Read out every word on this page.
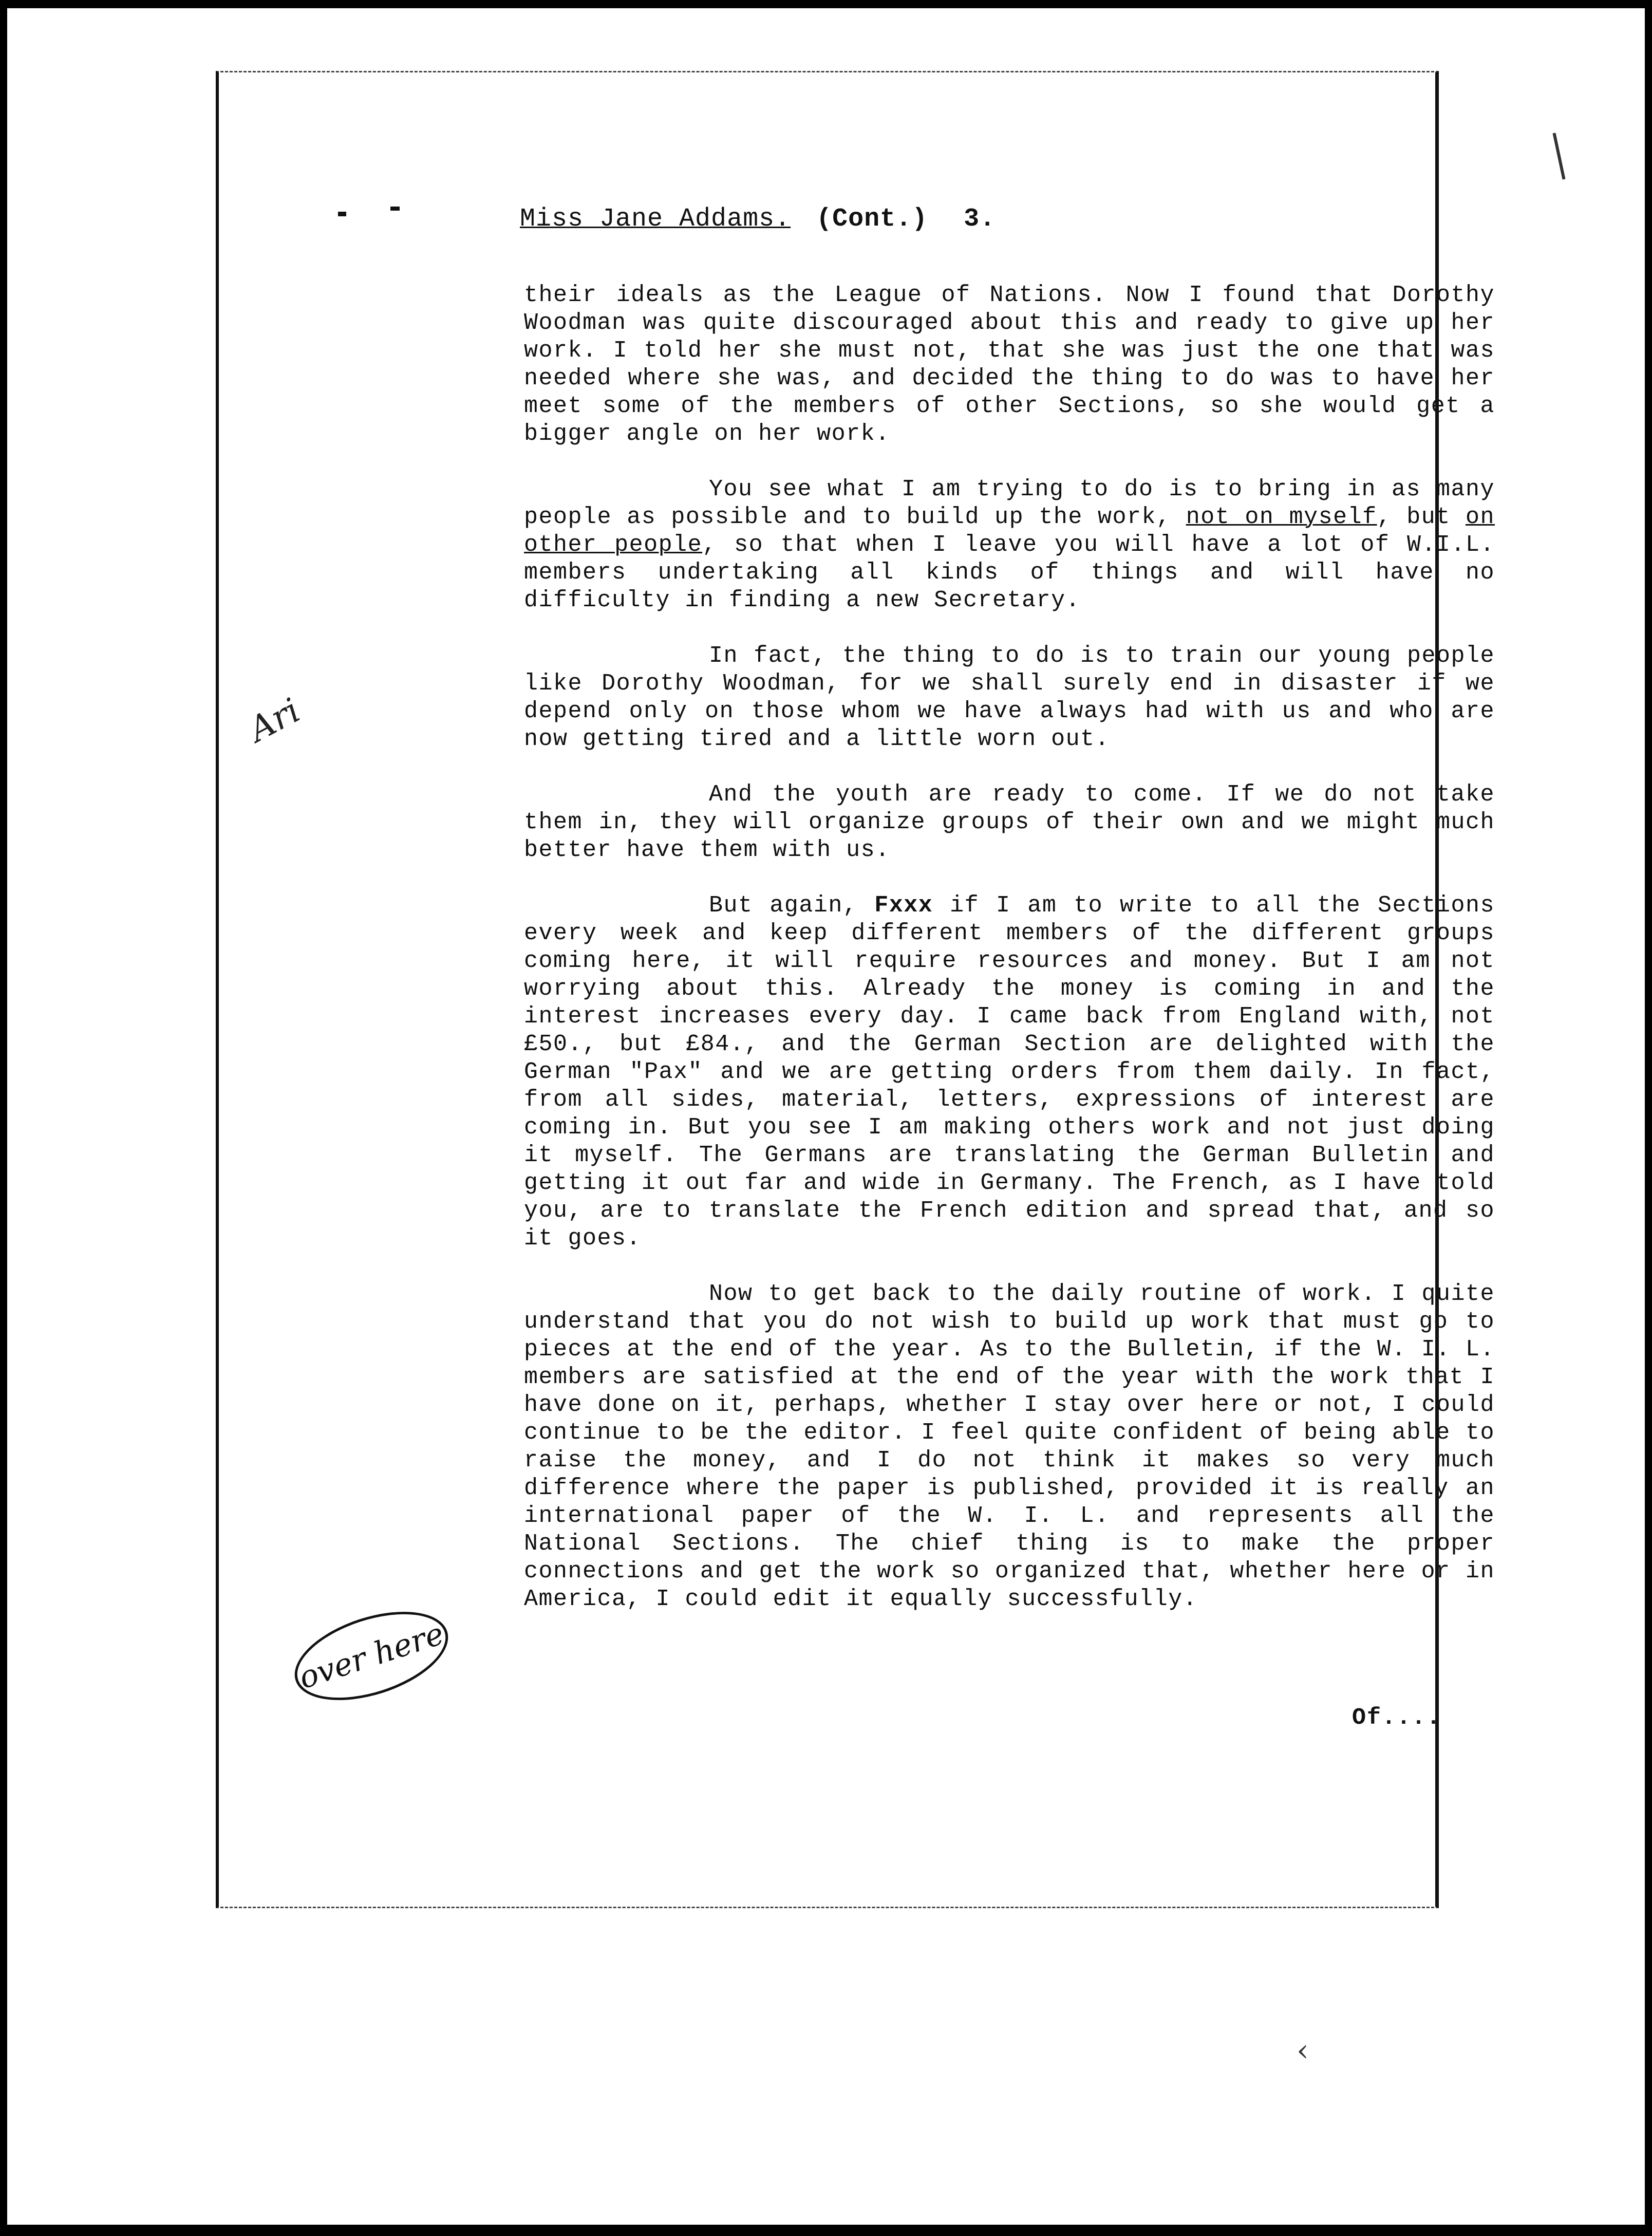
Miss Jane Addams. (Cont.) 3.

their ideals as the League of Nations. Now I found that Dorothy Woodman was quite discouraged about this and ready to give up her work. I told her she must not, that she was just the one that was needed where she was, and decided the thing to do was to have her meet some of the members of other Sections, so she would get a bigger angle on her work.

You see what I am trying to do is to bring in as many people as possible and to build up the work, not on myself, but on other people, so that when I leave you will have a lot of W.I.L. members undertaking all kinds of things and will have no difficulty in finding a new Secretary.

In fact, the thing to do is to train our young people like Dorothy Woodman, for we shall surely end in disaster if we depend only on those whom we have always had with us and who are now getting tired and a little worn out.

And the youth are ready to come. If we do not take them in, they will organize groups of their own and we might much better have them with us.

But again, Fxxx if I am to write to all the Sections every week and keep different members of the different groups coming here, it will require resources and money. But I am not worrying about this. Already the money is coming in and the interest increases every day. I came back from England with, not £50., but £84., and the German Section are delighted with the German "Pax" and we are getting orders from them daily. In fact, from all sides, material, letters, expressions of interest are coming in. But you see I am making others work and not just doing it myself. The Germans are translating the German Bulletin and getting it out far and wide in Germany. The French, as I have told you, are to translate the French edition and spread that, and so it goes.

Now to get back to the daily routine of work. I quite understand that you do not wish to build up work that must go to pieces at the end of the year. As to the Bulletin, if the W. I. L. members are satisfied at the end of the year with the work that I have done on it, perhaps, whether I stay over here or not, I could continue to be the editor. I feel quite confident of being able to raise the money, and I do not think it makes so very much difference where the paper is published, provided it is really an international paper of the W. I. L. and represents all the National Sections. The chief thing is to make the proper connections and get the work so organized that, whether here or in America, I could edit it equally successfully.

Of....
Ari
over here
‹
